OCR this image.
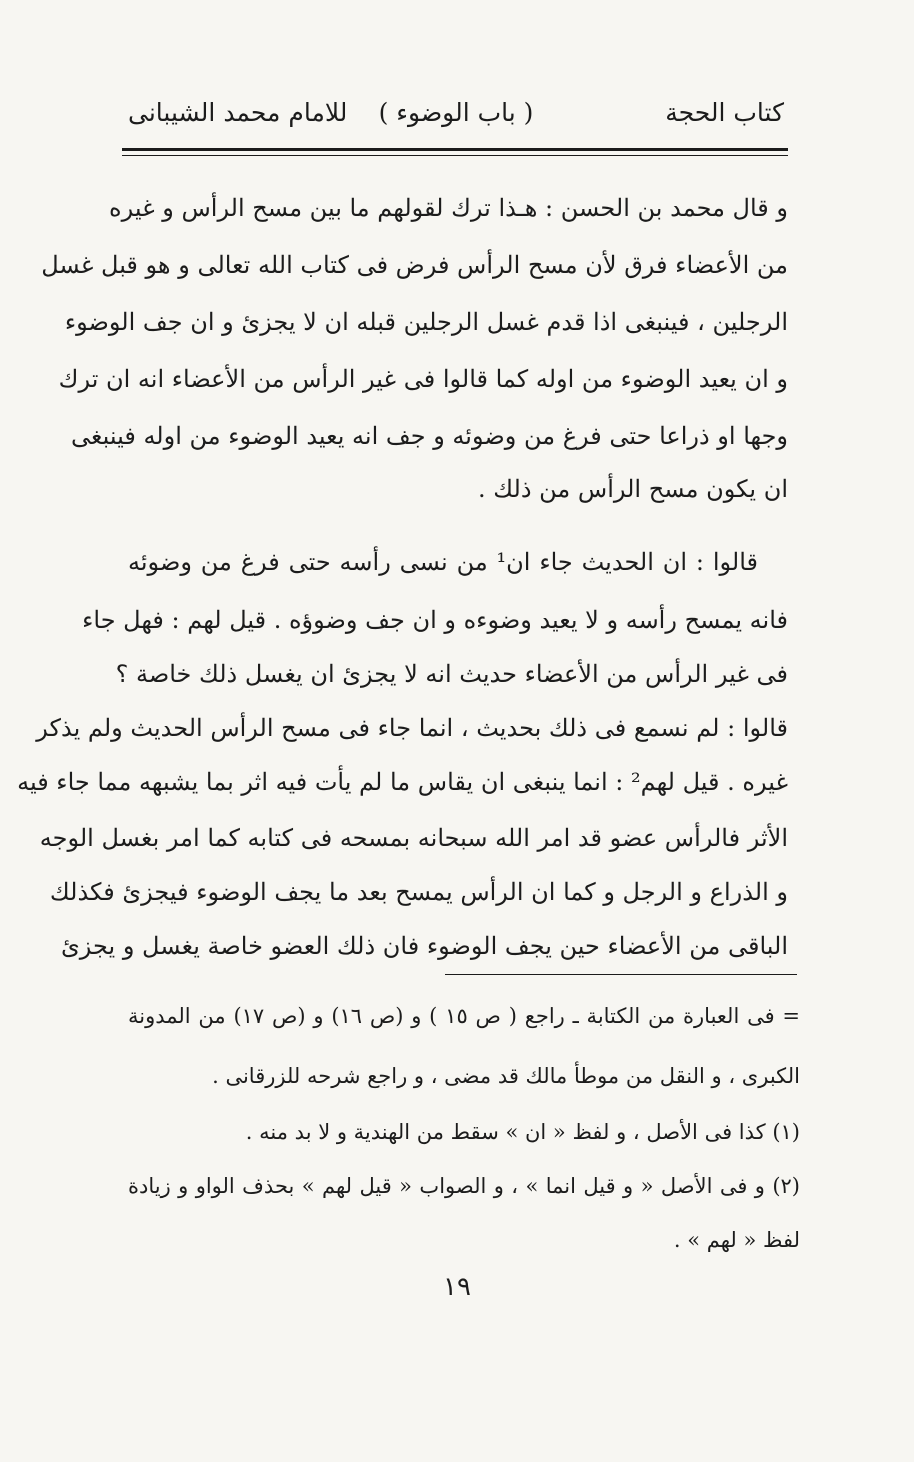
كتاب الحجة
( باب الوضوء )
للامام محمد الشيبانى
و قال محمد بن الحسن : هـذا ترك لقولهم ما بين مسح الرأس و غيره
من الأعضاء فرق لأن مسح الرأس فرض فى كتاب الله تعالى و هو قبل غسل
الرجلين ، فينبغى اذا قدم غسل الرجلين قبله ان لا يجزئ و ان جف الوضوء
و ان يعيد الوضوء من اوله كما قالوا فى غير الرأس من الأعضاء انه ان ترك
وجها او ذراعا حتى فرغ من وضوئه و جف انه يعيد الوضوء من اوله فينبغى
ان يكون مسح الرأس من ذلك .
قالوا : ان الحديث جاء ان¹ من نسى رأسه حتى فرغ من وضوئه
فانه يمسح رأسه و لا يعيد وضوءه و ان جف وضوؤه . قيل لهم : فهل جاء
فى غير الرأس من الأعضاء حديث انه لا يجزئ ان يغسل ذلك خاصة ؟
قالوا : لم نسمع فى ذلك بحديث ، انما جاء فى مسح الرأس الحديث ولم يذكر
غيره . قيل لهم² : انما ينبغى ان يقاس ما لم يأت فيه اثر بما يشبهه مما جاء فيه
الأثر فالرأس عضو قد امر الله سبحانه بمسحه فى كتابه كما امر بغسل الوجه
و الذراع و الرجل و كما ان الرأس يمسح بعد ما يجف الوضوء فيجزئ فكذلك
الباقى من الأعضاء حين يجف الوضوء فان ذلك العضو خاصة يغسل و يجزئ
= فى العبارة من الكتابة ـ راجع ( ص ١٥ ) و (ص ١٦) و (ص ١٧) من المدونة
الكبرى ، و النقل من موطأ مالك قد مضى ، و راجع شرحه للزرقانى .
(١) كذا فى الأصل ، و لفظ « ان » سقط من الهندية و لا بد منه .
(٢) و فى الأصل « و قيل انما » ، و الصواب « قيل لهم » بحذف الواو و زيادة
لفظ « لهم » .
١٩
